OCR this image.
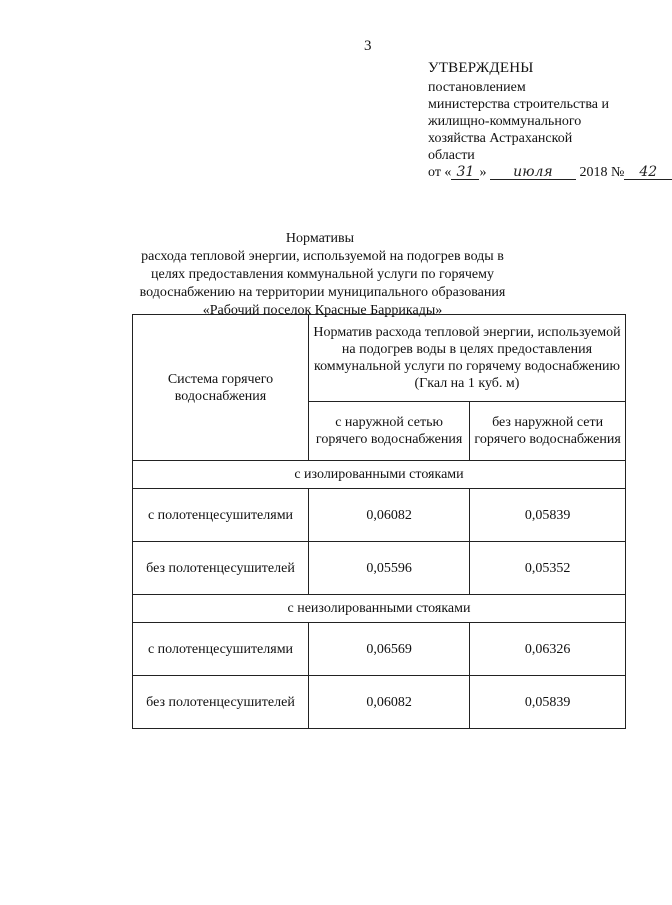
3
УТВЕРЖДЕНЫ
постановлением
министерства строительства и
жилищно-коммунального
хозяйства Астраханской
области
от « 31 » июля 2018 № 42
Нормативы
расхода тепловой энергии, используемой на подогрев воды в целях предоставления коммунальной услуги по горячему водоснабжению на территории муниципального образования «Рабочий поселок Красные Баррикады»
Система горячего водоснабжения	Норматив расхода тепловой энергии, используемой на подогрев воды в целях предоставления коммунальной услуги по горячему водоснабжению (Гкал на 1 куб. м)	
	с наружной сетью горячего водоснабжения	без наружной сети горячего водоснабжения
с изолированными стояками		
с полотенцесушителями	0,06082	0,05839
без полотенцесушителей	0,05596	0,05352
с неизолированными стояками		
с полотенцесушителями	0,06569	0,06326
без полотенцесушителей	0,06082	0,05839
